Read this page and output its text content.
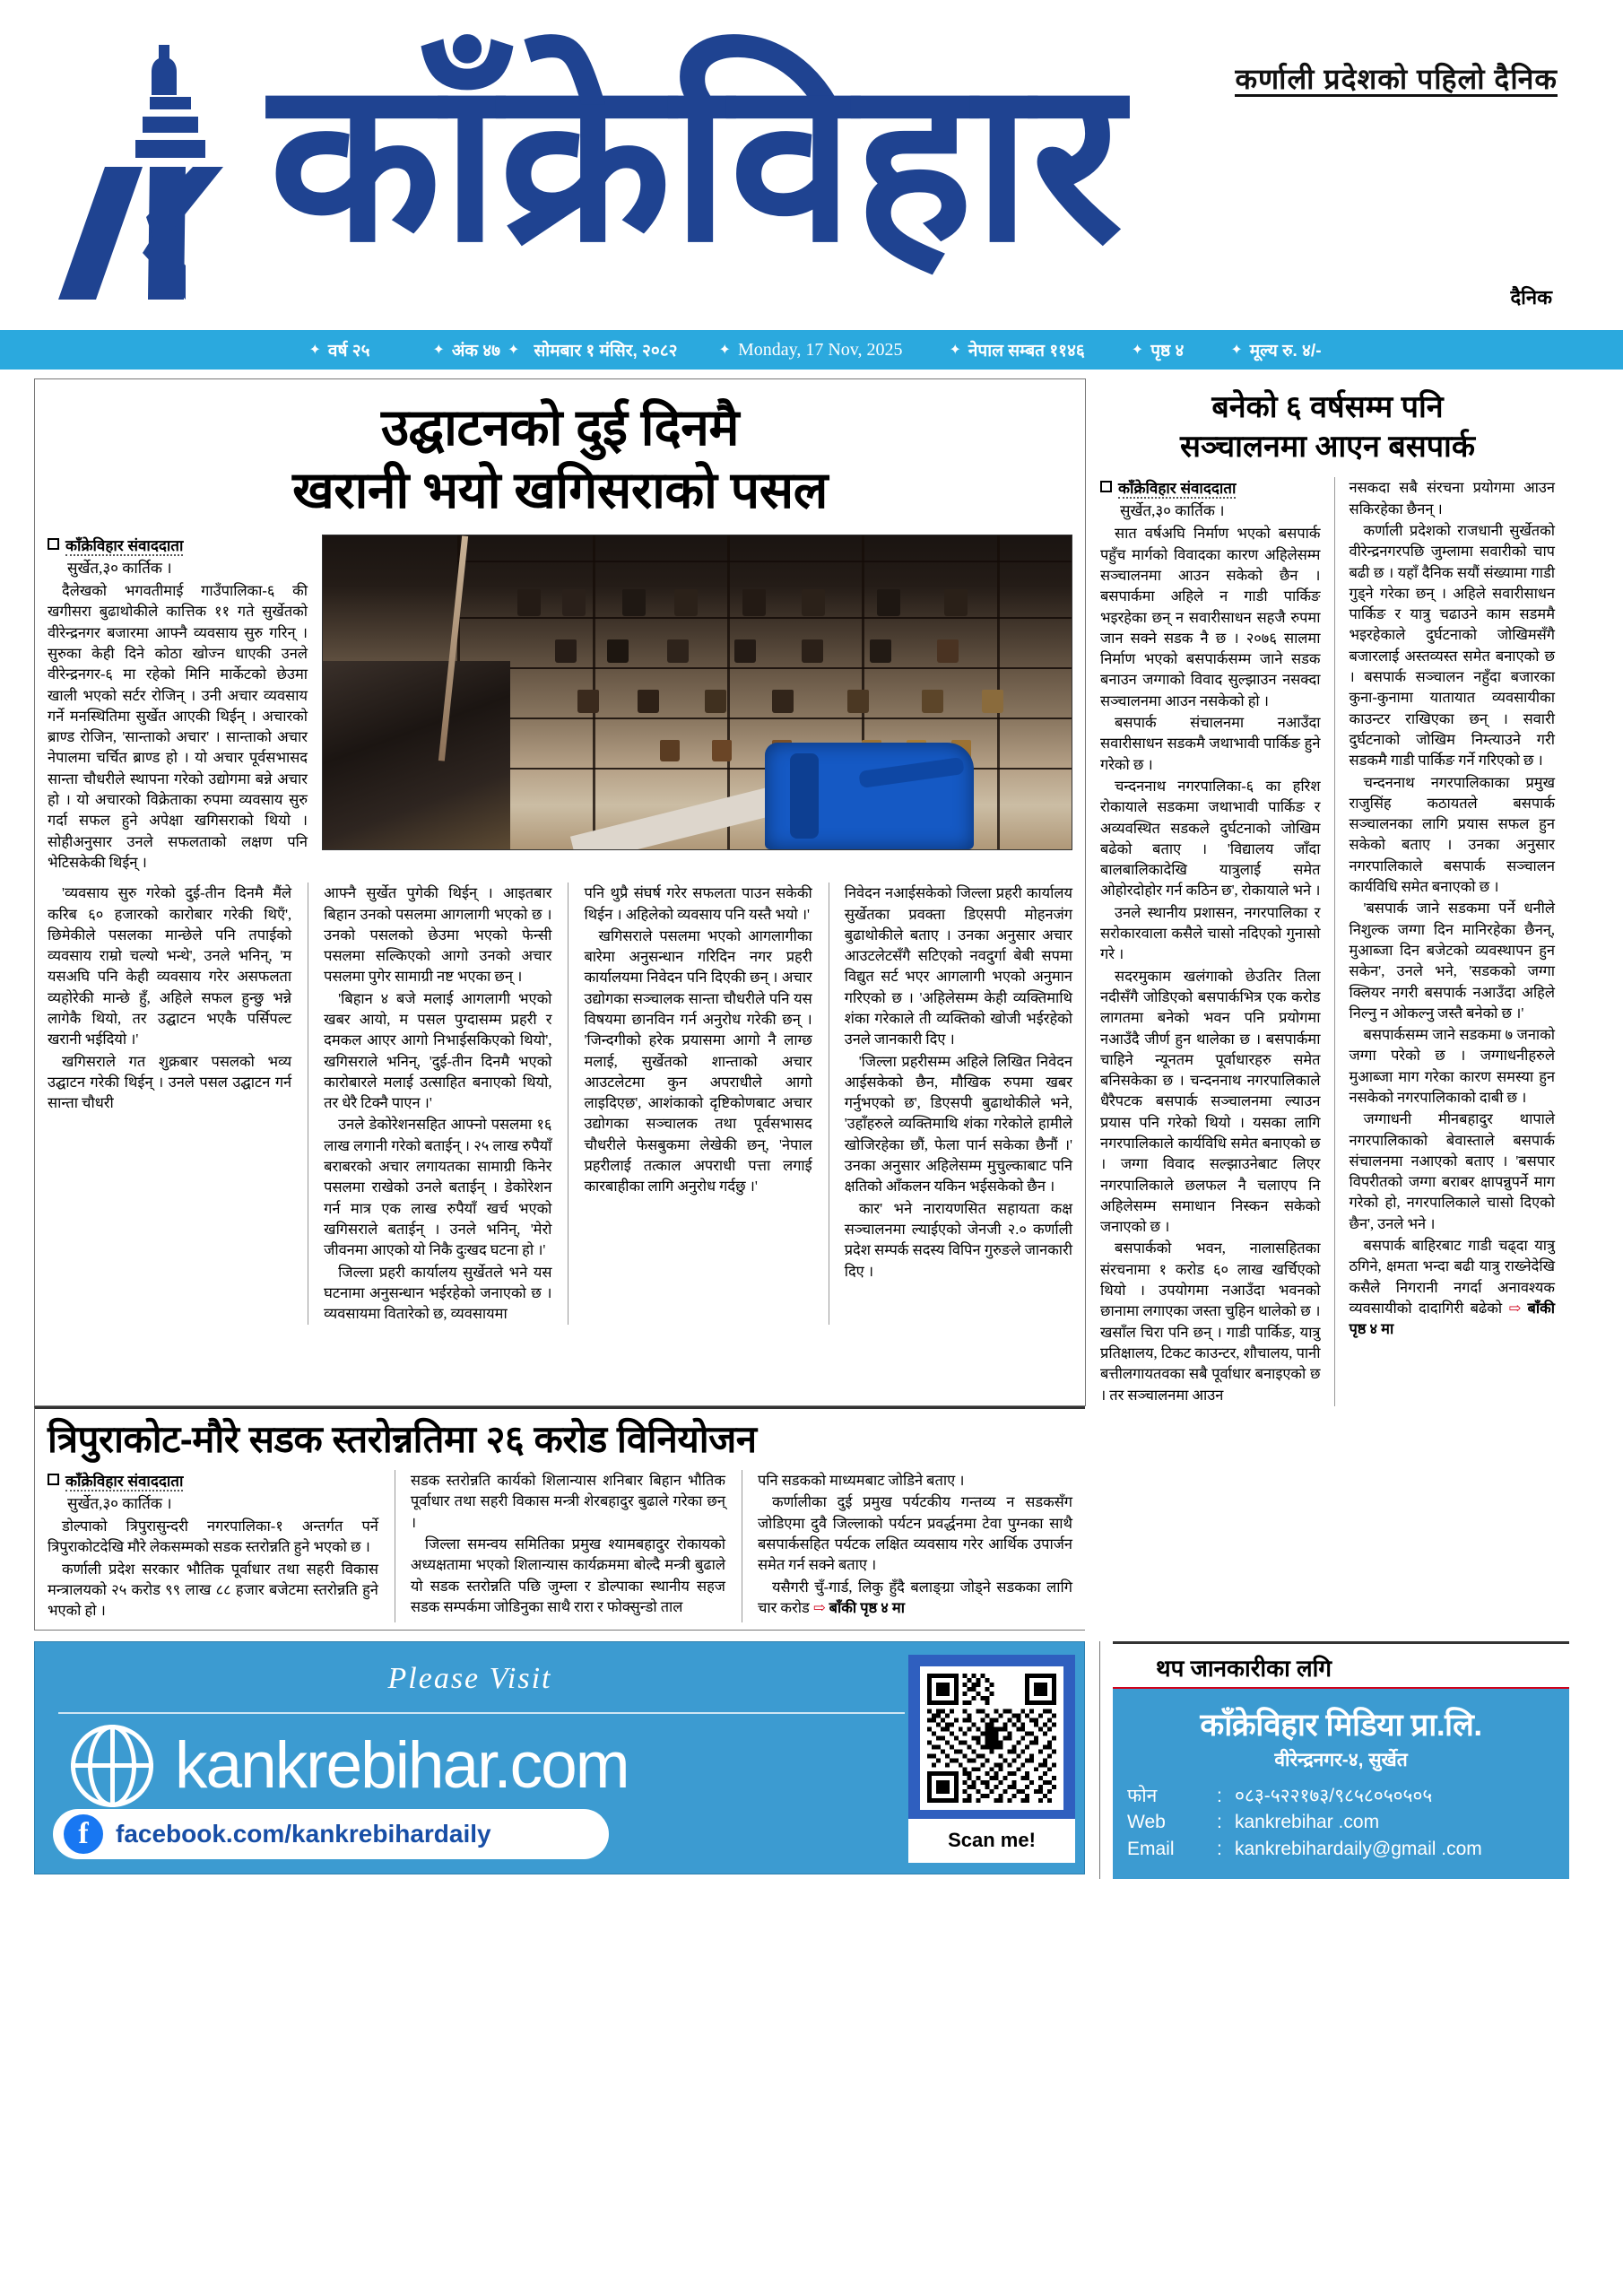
काँक्रेविहार	कर्णाली प्रदेशको पहिलो दैनिक
दैनिक
✦ वर्ष २५	✦ अंक ४७ ✦ सोमबार १ मंसिर, २०८२	✦ Monday, 17 Nov, 2025	✦ नेपाल सम्बत ११४६	✦ पृष्ठ ४	✦ मूल्य रु. ४/-
उद्घाटनको दुई दिनमै
खरानी भयो खगिसराको पसल
काँक्रेविहार संवाददाता
सुर्खेत,३० कार्तिक ।

दैलेखको भगवतीमाई गाउँपालिका-६ की खगीसरा बुढाथोकीले कात्तिक ११ गते सुर्खेतको वीरेन्द्रनगर बजारमा आफ्नै व्यवसाय सुरु गरिन् । सुरुका केही दिने कोठा खोज्न धाएकी उनले वीरेन्द्रनगर-६ मा रहेको मिनि मार्केटको छेउमा खाली भएको सर्टर रोजिन् । उनी अचार व्यवसाय गर्ने मनस्थितिमा सुर्खेत आएकी थिईन् । अचारको ब्राण्ड रोजिन, 'सान्ताको अचार' । सान्ताको अचार नेपालमा चर्चित ब्राण्ड हो । यो अचार पूर्वसभासद सान्ता चौधरीले स्थापना गरेको उद्योगमा बन्ने अचार हो । यो अचारको विक्रेताका रुपमा व्यवसाय सुरु गर्दा सफल हुने अपेक्षा खगिसराको थियो । सोहीअनुसार उनले सफलताको लक्षण पनि भेटिसकेकी थिईन् ।

'व्यवसाय सुरु गरेको दुई-तीन दिनमै मैंले करिब ६० हजारको कारोबार गरेकी थिएँ', छिमेकीले पसलका मान्छेले पनि तपाईको व्यवसाय राम्रो चल्यो भन्थे', उनले भनिन्, 'म यसअघि पनि केही व्यवसाय गरेर असफलता व्यहोरेकी मान्छे हुँ, अहिले सफल हुन्छु भन्ने लागेकै थियो, तर उद्घाटन भएकै पर्सिपल्ट खरानी भईदियो ।'

खगिसराले गत शुक्रबार पसलको भव्य उद्घाटन गरेकी थिईन् । उनले पसल उद्घाटन गर्न सान्ता चौधरी

आफ्नै सुर्खेत पुगेकी थिईन् । आइतबार बिहान उनको पसलमा आगलागी भएको छ । उनको पसलको छेउमा भएको फेन्सी पसलमा सल्किएको आगो उनको अचार पसलमा पुगेर सामाग्री नष्ट भएका छन् ।

'बिहान ४ बजे मलाई आगलागी भएको खबर आयो, म पसल पुग्दासम्म प्रहरी र दमकल आएर आगो निभाईसकिएको थियो', खगिसराले भनिन्, 'दुई-तीन दिनमै भएको कारोबारले मलाई उत्साहित बनाएको थियो, तर धेरै टिक्नै पाएन ।'

उनले डेकोरेशनसहित आफ्नो पसलमा १६ लाख लगानी गरेको बताईन् । २५ लाख रुपैयाँ बराबरको अचार लगायतका सामाग्री किनेर पसलमा राखेको उनले बताईन् । डेकोरेशन गर्न मात्र एक लाख रुपैयाँ खर्च भएको खगिसराले बताईन् । उनले भनिन्, 'मेरो जीवनमा आएको यो निकै दुःखद घटना हो ।'

जिल्ला प्रहरी कार्यालय सुर्खेतले भने यस घटनामा अनुसन्धान भईरहेको जनाएको छ । व्यवसायमा वितारेको छ, व्यवसायमा

पनि थुप्रै संघर्ष गरेर सफलता पाउन सकेकी थिईन । अहिलेको व्यवसाय पनि यस्तै भयो ।'

खगिसराले पसलमा भएको आगलागीका बारेमा अनुसन्धान गरिदिन नगर प्रहरी कार्यालयमा निवेदन पनि दिएकी छन् । अचार उद्योगका सञ्चालक सान्ता चौधरीले पनि यस विषयमा छानविन गर्न अनुरोध गरेकी छन् । 'जिन्दगीको हरेक प्रयासमा आगो नै लाग्छ मलाई, सुर्खेतको शान्ताको अचार आउटलेटमा कुन अपराधीले आगो लाइदिएछ', आशंकाको दृष्टिकोणबाट अचार उद्योगका सञ्चालक तथा पूर्वसभासद चौधरीले फेसबुकमा लेखेकी छन्, 'नेपाल प्रहरीलाई तत्काल अपराधी पत्ता लगाई कारबाहीका लागि अनुरोध गर्दछु ।'

निवेदन नआईसकेको जिल्ला प्रहरी कार्यालय सुर्खेतका प्रवक्ता डिएसपी मोहनजंग बुढाथोकीले बताए । उनका अनुसार अचार आउटलेटसँगै सटिएको नवदुर्गा बेबी सपमा विद्युत सर्ट भएर आगलागी भएको अनुमान गरिएको छ । 'अहिलेसम्म केही व्यक्तिमाथि शंका गरेकाले तीे व्यक्तिको खोजी भईरहेको उनले जानकारी दिए ।

'जिल्ला प्रहरीसम्म अहिले लिखित निवेदन आईसकेको छैन, मौखिक रुपमा खबर गर्नुभएको छ', डिएसपी बुढाथोकीले भने, 'उहाँहरुले व्यक्तिमाथि शंका गरेकोले हामीले खोजिरहेका छौं, फेला पार्न सकेका छैनौं ।' उनका अनुसार अहिलेसम्म मुचुल्काबाट पनि क्षतिको आँकलन यकिन भईसकेको छैन ।

कार' भने नारायणसित सहायता कक्ष सञ्चालनमा ल्याईएको जेनजी २.० कर्णाली प्रदेश सम्पर्क सदस्य विपिन गुरुङले जानकारी दिए ।

बनेको ६ वर्षसम्म पनि
सञ्चालनमा आएन बसपार्क
काँक्रेविहार संवाददाता
सुर्खेत,३० कार्तिक ।

सात वर्षअघि निर्माण भएको बसपार्क पहुँच मार्गको विवादका कारण अहिलेसम्म सञ्चालनमा आउन सकेको छैन । बसपार्कमा अहिले न गाडी पार्किङ भइरहेका छन् न सवारीसाधन सहजै रुपमा जान सक्ने सडक नै छ । २०७६ सालमा निर्माण भएको बसपार्कसम्म जाने सडक बनाउन जग्गाको विवाद सुल्झाउन नसक्दा सञ्चालनमा आउन नसकेको हो ।

बसपार्क संचालनमा नआउँदा सवारीसाधन सडकमै जथाभावी पार्किङ हुने गरेको छ ।

चन्दननाथ नगरपालिका-६ का हरिश रोकायाले सडकमा जथाभावी पार्किङ र अव्यवस्थित सडकले दुर्घटनाको जोखिम बढेको बताए । 'विद्यालय जाँदा बालबालिकादेखि यात्रुलाई समेत ओहोरदोहोर गर्न कठिन छ', रोकायाले भने ।

उनले स्थानीय प्रशासन, नगरपालिका र सरोकारवाला कसैले चासो नदिएको गुनासो गरे ।

सदरमुकाम खलंगाको छेउतिर तिला नदीसँगै जोडिएको बसपार्कभित्र एक करोड लागतमा बनेको भवन पनि प्रयोगमा नआउँदै जीर्ण हुन थालेका छ । बसपार्कमा चाहिने न्यूनतम पूर्वाधारहरु समेत बनिसकेका छ । चन्दननाथ नगरपालिकाले धैरैपटक बसपार्क सञ्चालनमा ल्याउन प्रयास पनि गरेको थियो । यसका लागि नगरपालिकाले कार्यविधि समेत बनाएको छ । जग्गा विवाद सल्झाउनेबाट लिएर नगरपालिकाले छलफल नै चलाएप नि अहिलेसम्म समाधान निस्कन सकेको जनाएको छ ।

बसपार्कको भवन, नालासहितका संरचनामा १ करोड ६० लाख खर्चिएको थियो । उपयोगमा नआउँदा भवनको छानामा लगाएका जस्ता चुहिन थालेको छ । खसाँल चिरा पनि छन् । गाडी पार्किङ, यात्रु प्रतिक्षालय, टिकट काउन्टर, शौचालय, पानी बत्तीलगायतवका सबै पूर्वाधार बनाइएको छ । तर सञ्चालनमा आउन

नसकदा सबै संरचना प्रयोगमा आउन सकिरहेका छैनन् ।

कर्णाली प्रदेशको राजधानी सुर्खेतको वीरेन्द्रनगरपछि जुम्लामा सवारीको चाप बढी छ । यहाँ दैनिक सयौं संख्यामा गाडी गुड्ने गरेका छन् । अहिले सवारीसाधन पार्किङ र यात्रु चढाउने काम सडममै भइरहेकाले दुर्घटनाको जोखिमसँगै बजारलाई अस्तव्यस्त समेत बनाएको छ । बसपार्क सञ्चालन नहुँदा बजारका कुना-कुनामा यातायात व्यवसायीका काउन्टर राखिएका छन् । सवारी दुर्घटनाको जोखिम निम्त्याउने गरी सडकमै गाडी पार्किङ गर्ने गरिएको छ ।

चन्दननाथ नगरपालिकाका प्रमुख राजुसिंह कठायतले बसपार्क सञ्चालनका लागि प्रयास सफल हुन सकेको बताए । उनका अनुसार नगरपालिकाले बसपार्क सञ्चालन कार्यविधि समेत बनाएको छ ।

'बसपार्क जाने सडकमा पर्ने धनीले निशुल्क जग्गा दिन मानिरहेका छैनन्, मुआब्जा दिन बजेटको व्यवस्थापन हुन सकेन', उनले भने, 'सडकको जग्गा क्लियर नगरी बसपार्क नआउँदा अहिले निल्नु न ओकल्नु जस्तै बनेको छ ।'

बसपार्कसम्म जाने सडकमा ७ जनाको जग्गा परेको छ । जग्गाधनीहरुले मुआब्जा माग गरेका कारण समस्या हुन नसकेको नगरपालिकाको दाबी छ ।

जग्गाधनी मीनबहादुर थापाले नगरपालिकाको बेवास्ताले बसपार्क संचालनमा नआएको बताए । 'बसपार विपरीतको जग्गा बराबर क्षापन्नुपर्ने माग गरेको हो, नगरपालिकाले चासो दिएको छैन', उनले भने ।

बसपार्क बाहिरबाट गाडी चढ्दा यात्रु ठगिने, क्षमता भन्दा बढी यात्रु राख्नेदेखि कसैले निगरानी नगर्दा अनावश्यक व्यवसायीको दादागिरी बढेको ⇨ बाँकी पृष्ठ ४ मा

त्रिपुराकोट-मौरे सडक स्तरोन्नतिमा २६ करोड विनियोजन
काँक्रेविहार संवाददाता
सुर्खेत,३० कार्तिक ।

डोल्पाको त्रिपुरासुन्दरी नगरपालिका-१ अन्तर्गत पर्ने त्रिपुराकोटदेखि मौरे लेकसम्मको सडक स्तरोन्नति हुने भएको छ ।

कर्णाली प्रदेश सरकार भौतिक पूर्वाधार तथा सहरी विकास मन्त्रालयको २५ करोड ९९ लाख ८८ हजार बजेटमा स्तरोन्नति हुने भएको हो ।

सडक स्तरोन्नति कार्यको शिलान्यास शनिबार बिहान भौतिक पूर्वाधार तथा सहरी विकास मन्त्री शेरबहादुर बुढाले गरेका छन् ।

जिल्ला समन्वय समितिका प्रमुख श्यामबहादुर रोकायको अध्यक्षतामा भएको शिलान्यास कार्यक्रममा बोल्दै मन्त्री बुढाले यो सडक स्तरोन्नति पछि जुम्ला र डोल्पाका स्थानीय सहज सडक सम्पर्कमा जोडिनुका साथै रारा र फोक्सुन्डो ताल

पनि सडकको माध्यमबाट जोडिने बताए ।

कर्णालीका दुई प्रमुख पर्यटकीय गन्तव्य न सडकसँग जोडिएमा दुवै जिल्लाको पर्यटन प्रवर्द्धनमा टेवा पुग्नका साथै बसपार्कसहित पर्यटक लक्षित व्यवसाय गरेर आर्थिक उपार्जन समेत गर्न सक्ने बताए ।

यसैगरी चुँ-गार्ड, लिकु हुँदै बलाङ्ग्रा जोड्ने सडकका लागि चार करोड ⇨ बाँकी पृष्ठ ४ मा

Please Visit
kankrebihar.com
f	facebook.com/kankrebihardaily	Scan me!
थप जानकारीका लगि
काँक्रेविहार मिडिया प्रा.लि.
वीरेन्द्रनगर-४, सुर्खेत
फोन	: ०८३-५२२१७३/९८५८०५०५०५
Web	: kankrebihar .com
Email	: kankrebihardaily@gmail .com
